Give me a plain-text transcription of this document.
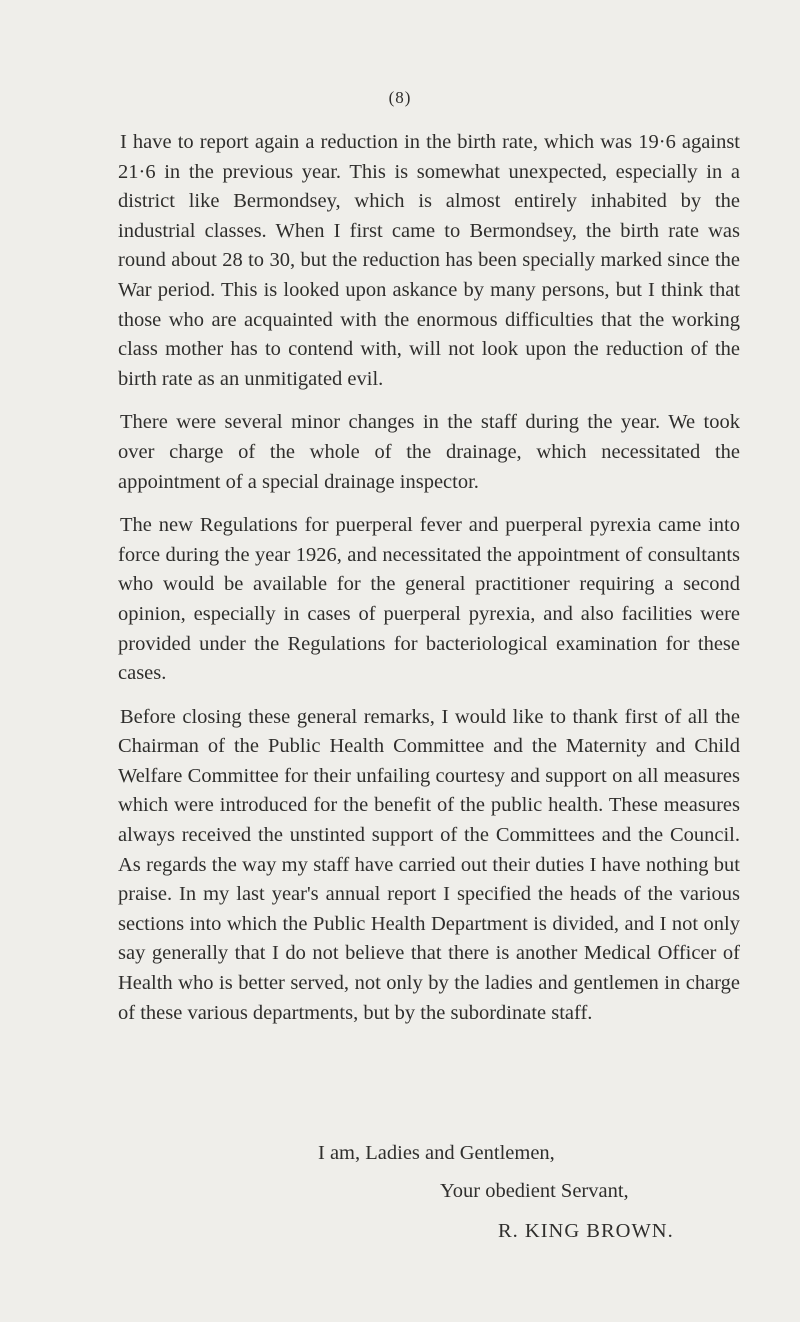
(8)

I have to report again a reduction in the birth rate, which was 19·6 against 21·6 in the previous year. This is somewhat unexpected, especially in a district like Bermondsey, which is almost entirely inhabited by the industrial classes. When I first came to Bermondsey, the birth rate was round about 28 to 30, but the reduction has been specially marked since the War period. This is looked upon askance by many persons, but I think that those who are acquainted with the enormous difficulties that the working class mother has to contend with, will not look upon the reduction of the birth rate as an unmitigated evil.

There were several minor changes in the staff during the year. We took over charge of the whole of the drainage, which necessitated the appointment of a special drainage inspector.

The new Regulations for puerperal fever and puerperal pyrexia came into force during the year 1926, and necessitated the appointment of consultants who would be available for the general practitioner requiring a second opinion, especially in cases of puerperal pyrexia, and also facilities were provided under the Regulations for bacteriological examination for these cases.

Before closing these general remarks, I would like to thank first of all the Chairman of the Public Health Committee and the Maternity and Child Welfare Committee for their unfailing courtesy and support on all measures which were introduced for the benefit of the public health. These measures always received the unstinted support of the Committees and the Council. As regards the way my staff have carried out their duties I have nothing but praise. In my last year's annual report I specified the heads of the various sections into which the Public Health Department is divided, and I not only say generally that I do not believe that there is another Medical Officer of Health who is better served, not only by the ladies and gentlemen in charge of these various departments, but by the subordinate staff.

I am, Ladies and Gentlemen,
Your obedient Servant,
R. KING BROWN.
